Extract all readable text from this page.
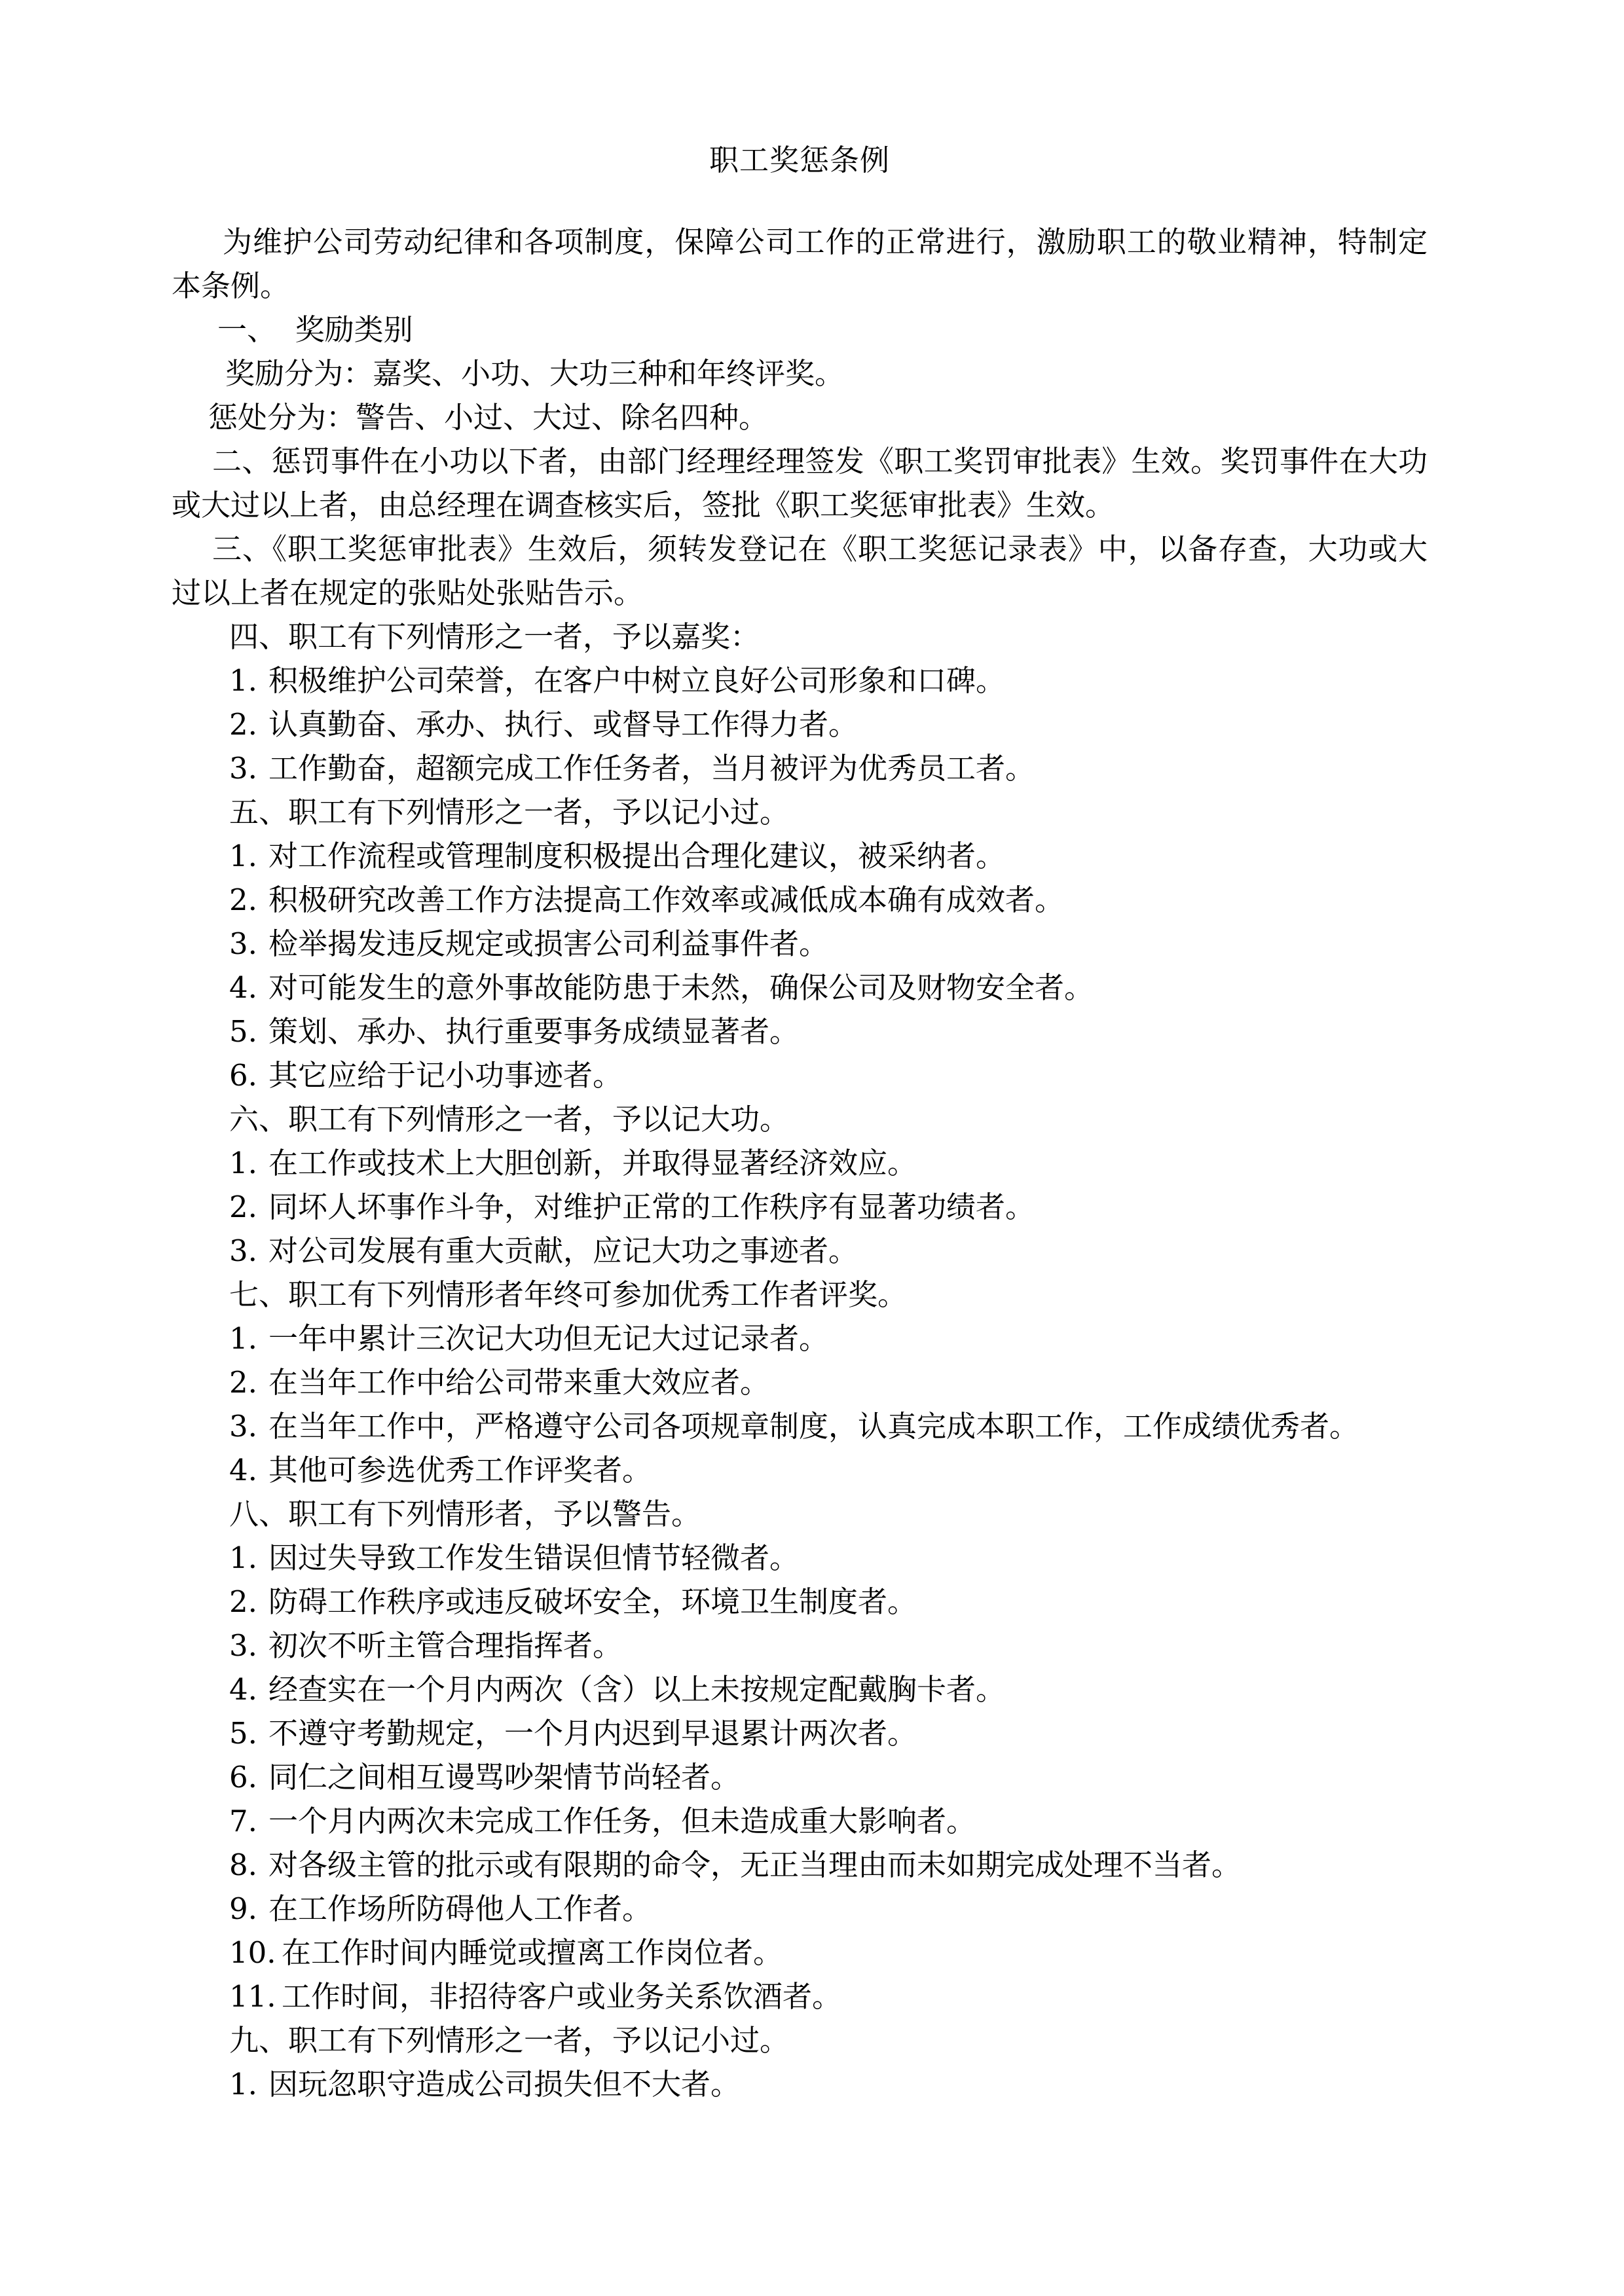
职工奖惩条例

为维护公司劳动纪律和各项制度，保障公司工作的正常进行，激励职工的敬业精神，特制定本条例。

一、  奖励类别

奖励分为：嘉奖、小功、大功三种和年终评奖。

惩处分为：警告、小过、大过、除名四种。

二、惩罚事件在小功以下者，由部门经理经理签发《职工奖罚审批表》生效。奖罚事件在大功或大过以上者，由总经理在调查核实后，签批《职工奖惩审批表》生效。

三、《职工奖惩审批表》生效后，须转发登记在《职工奖惩记录表》中，以备存查，大功或大过以上者在规定的张贴处张贴告示。

四、职工有下列情形之一者，予以嘉奖：

1. 积极维护公司荣誉，在客户中树立良好公司形象和口碑。

2. 认真勤奋、承办、执行、或督导工作得力者。

3. 工作勤奋，超额完成工作任务者，当月被评为优秀员工者。

五、职工有下列情形之一者，予以记小过。

1. 对工作流程或管理制度积极提出合理化建议，被采纳者。

2. 积极研究改善工作方法提高工作效率或减低成本确有成效者。

3. 检举揭发违反规定或损害公司利益事件者。

4. 对可能发生的意外事故能防患于未然，确保公司及财物安全者。

5. 策划、承办、执行重要事务成绩显著者。

6. 其它应给于记小功事迹者。

六、职工有下列情形之一者，予以记大功。

1. 在工作或技术上大胆创新，并取得显著经济效应。

2. 同坏人坏事作斗争，对维护正常的工作秩序有显著功绩者。

3. 对公司发展有重大贡献，应记大功之事迹者。

七、职工有下列情形者年终可参加优秀工作者评奖。

1. 一年中累计三次记大功但无记大过记录者。

2. 在当年工作中给公司带来重大效应者。

3. 在当年工作中，严格遵守公司各项规章制度，认真完成本职工作，工作成绩优秀者。

4. 其他可参选优秀工作评奖者。

八、职工有下列情形者，予以警告。

1. 因过失导致工作发生错误但情节轻微者。

2. 防碍工作秩序或违反破坏安全，环境卫生制度者。

3. 初次不听主管合理指挥者。

4. 经查实在一个月内两次（含）以上未按规定配戴胸卡者。

5. 不遵守考勤规定，一个月内迟到早退累计两次者。

6. 同仁之间相互谩骂吵架情节尚轻者。

7. 一个月内两次未完成工作任务，但未造成重大影响者。

8. 对各级主管的批示或有限期的命令，无正当理由而未如期完成处理不当者。

9. 在工作场所防碍他人工作者。

10. 在工作时间内睡觉或擅离工作岗位者。

11. 工作时间，非招待客户或业务关系饮酒者。

九、职工有下列情形之一者，予以记小过。

1. 因玩忽职守造成公司损失但不大者。
